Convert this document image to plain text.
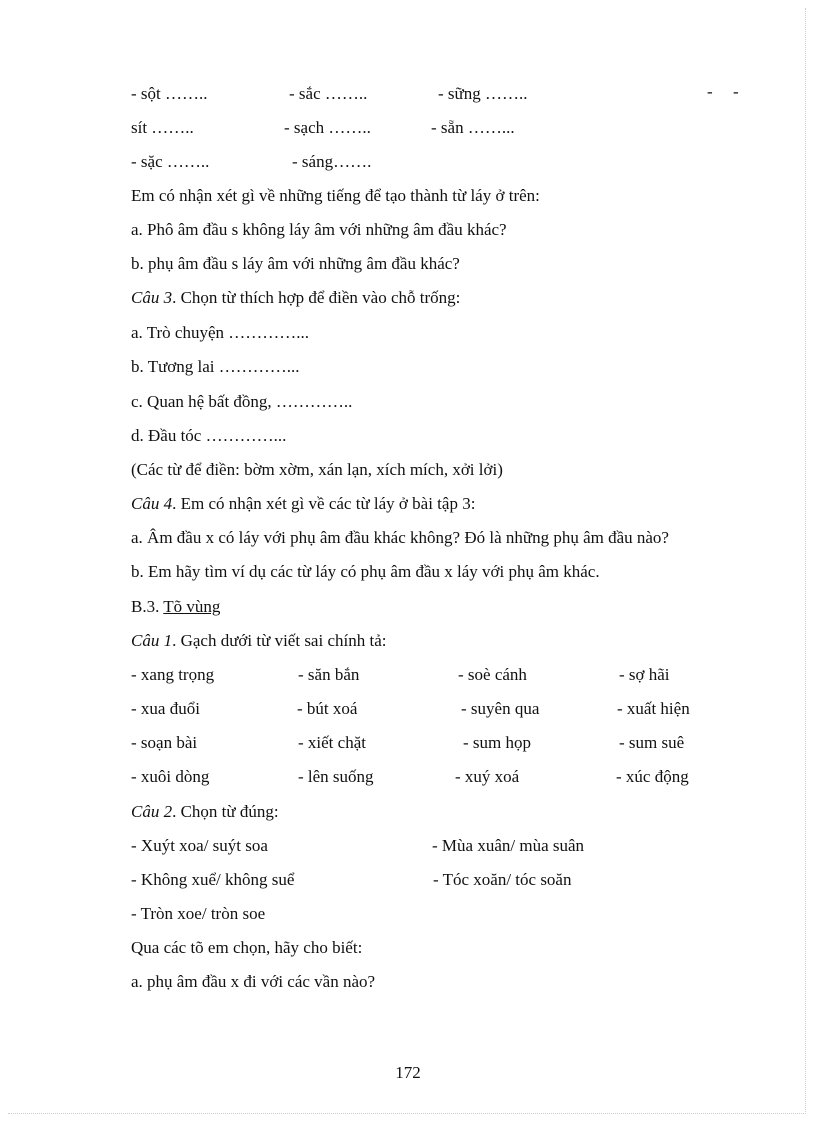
- sột ……..	- sắc ……..	- sững ……..	- -
sít ……..	- sạch ……..	- sẵn ……...
- sặc ……..	- sáng…….
Em có nhận xét gì về những tiếng để tạo thành từ láy ở trên:
a. Phô âm đầu s không láy âm với những âm đầu khác?
b. phụ âm đầu s láy âm với những âm đầu khác?
Câu 3. Chọn từ thích hợp để điền vào chỗ trống:
a. Trò chuyện …………...
b. Tương lai …………...
c. Quan hệ bất đồng, …………..
d. Đầu tóc …………...
(Các từ để điền: bờm xờm, xán lạn, xích mích, xởi lởi)
Câu 4. Em có nhận xét gì về các từ láy ở bài tập 3:
a. Âm đầu x có láy với phụ âm đầu khác không? Đó là những phụ âm đầu nào?
b. Em hãy tìm ví dụ các từ láy có phụ âm đầu x láy với phụ âm khác.
B.3. Tõ vùng
Câu 1. Gạch dưới từ viết sai chính tả:
- xang trọng	- săn bắn	- soè cánh	- sợ hãi
- xua đuổi	- bút xoá	- suyên qua	- xuất hiện
- soạn bài	- xiết chặt	- sum họp	- sum suê
- xuôi dòng	- lên suống	- xuý xoá	- xúc động
Câu 2. Chọn từ đúng:
- Xuýt xoa/ suýt soa	- Mùa xuân/ mùa suân
- Không xuể/ không suể	- Tóc xoăn/ tóc soăn
- Tròn xoe/ tròn soe
Qua các tõ em chọn, hãy cho biết:
a. phụ âm đầu x đi với các vần nào?
172
